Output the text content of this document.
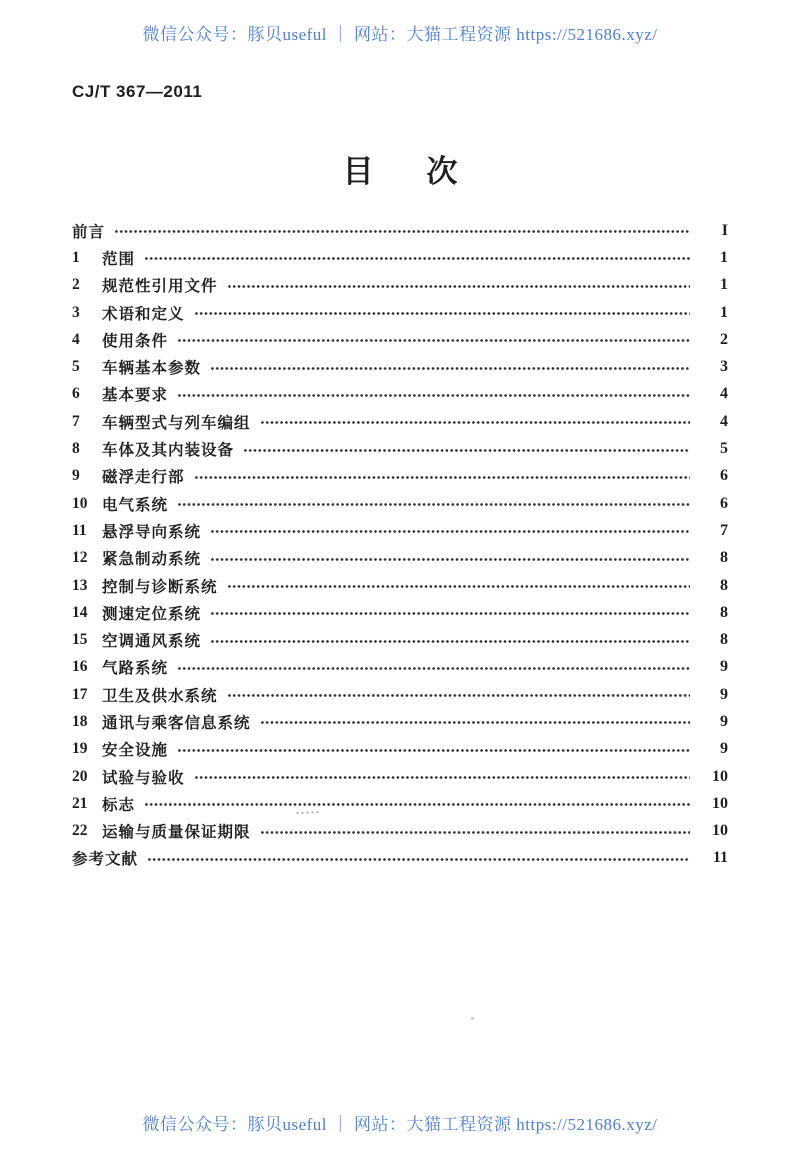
微信公众号：豚贝useful ｜ 网站：大猫工程资源 https://521686.xyz/
CJ/T 367—2011
目次
前言	I
1	范围	1
2	规范性引用文件	1
3	术语和定义	1
4	使用条件	2
5	车辆基本参数	3
6	基本要求	4
7	车辆型式与列车编组	4
8	车体及其内装设备	5
9	磁浮走行部	6
10 电气系统	6
11 悬浮导向系统	7
12 紧急制动系统	8
13 控制与诊断系统	8
14 测速定位系统	8
15 空调通风系统	8
16 气路系统	9
17 卫生及供水系统	9
18 通讯与乘客信息系统	9
19 安全设施	9
20 试验与验收	10
21 标志	10
22 运输与质量保证期限	10
参考文献	11
微信公众号：豚贝useful ｜ 网站：大猫工程资源 https://521686.xyz/
